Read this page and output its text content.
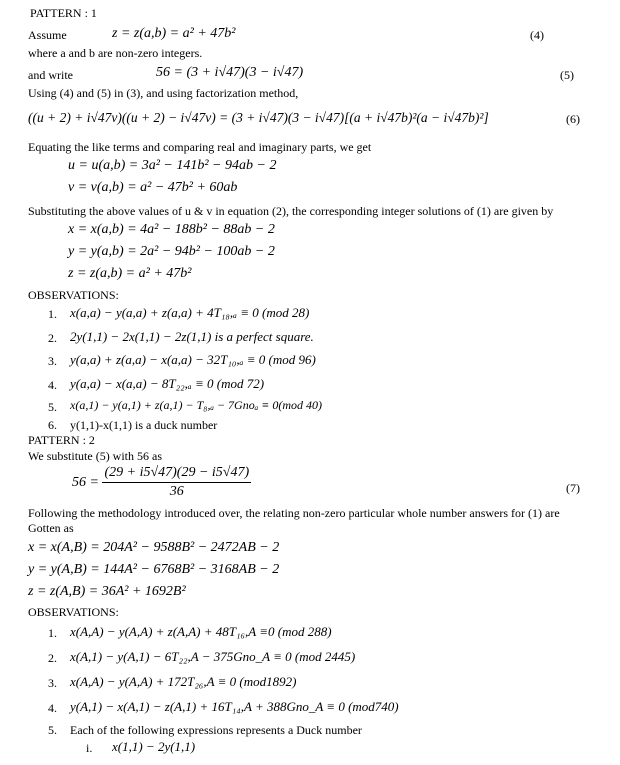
PATTERN : 1
Assume	z = z(a,b) = a² + 47b²	(4)
where a and b are non-zero integers.
and write	56 = (3 + i√47)(3 − i√47)	(5)
Using (4) and (5) in (3), and using factorization method,
((u + 2) + i√47v)((u + 2) − i√47v) = (3 + i√47)(3 − i√47)[(a + i√47b)²(a − i√47b)²]	(6)
Equating the like terms and comparing real and imaginary parts, we get
u = u(a,b) = 3a² − 141b² − 94ab − 2
v = v(a,b) = a² − 47b² + 60ab
Substituting the above values of u & v in equation (2), the corresponding integer solutions of (1) are given by
x = x(a,b) = 4a² − 188b² − 88ab − 2
y = y(a,b) = 2a² − 94b² − 100ab − 2
z = z(a,b) = a² + 47b²
OBSERVATIONS:
1. x(a,a) − y(a,a) + z(a,a) + 4T₁₈,ₐ ≡ 0 (mod 28)
2. 2y(1,1) − 2x(1,1) − 2z(1,1) is a perfect square.
3. y(a,a) + z(a,a) − x(a,a) − 32T₁₀,ₐ ≡ 0 (mod 96)
4. y(a,a) − x(a,a) − 8T₂₂,ₐ ≡ 0 (mod 72)
5. x(a,1) − y(a,1) + z(a,1) − T₈,ₐ − 7Gnoₐ ≡ 0(mod 40)
6. y(1,1)-x(1,1) is a duck number
PATTERN : 2
We substitute (5) with 56 as
$56 = \frac{(29 + i5√47)(29 - i5√47)}{36}$	(7)
Following the methodology introduced over, the relating non-zero particular whole number answers for (1) are
Gotten as
x = x(A,B) = 204A² − 9588B² − 2472AB − 2
y = y(A,B) = 144A² − 6768B² − 3168AB − 2
z = z(A,B) = 36A² + 1692B²
OBSERVATIONS:
1. x(A,A) − y(A,A) + z(A,A) + 48T₁₆,A ≡0 (mod 288)
2. x(A,1) − y(A,1) − 6T₂₂,A − 375Gno_A ≡ 0 (mod 2445)
3. x(A,A) − y(A,A) + 172T₂₆,A ≡ 0 (mod1892)
4. y(A,1) − x(A,1) − z(A,1) + 16T₁₄,A + 388Gno_A ≡ 0 (mod740)
5. Each of the following expressions represents a Duck number
i. x(1,1) − 2y(1,1)
